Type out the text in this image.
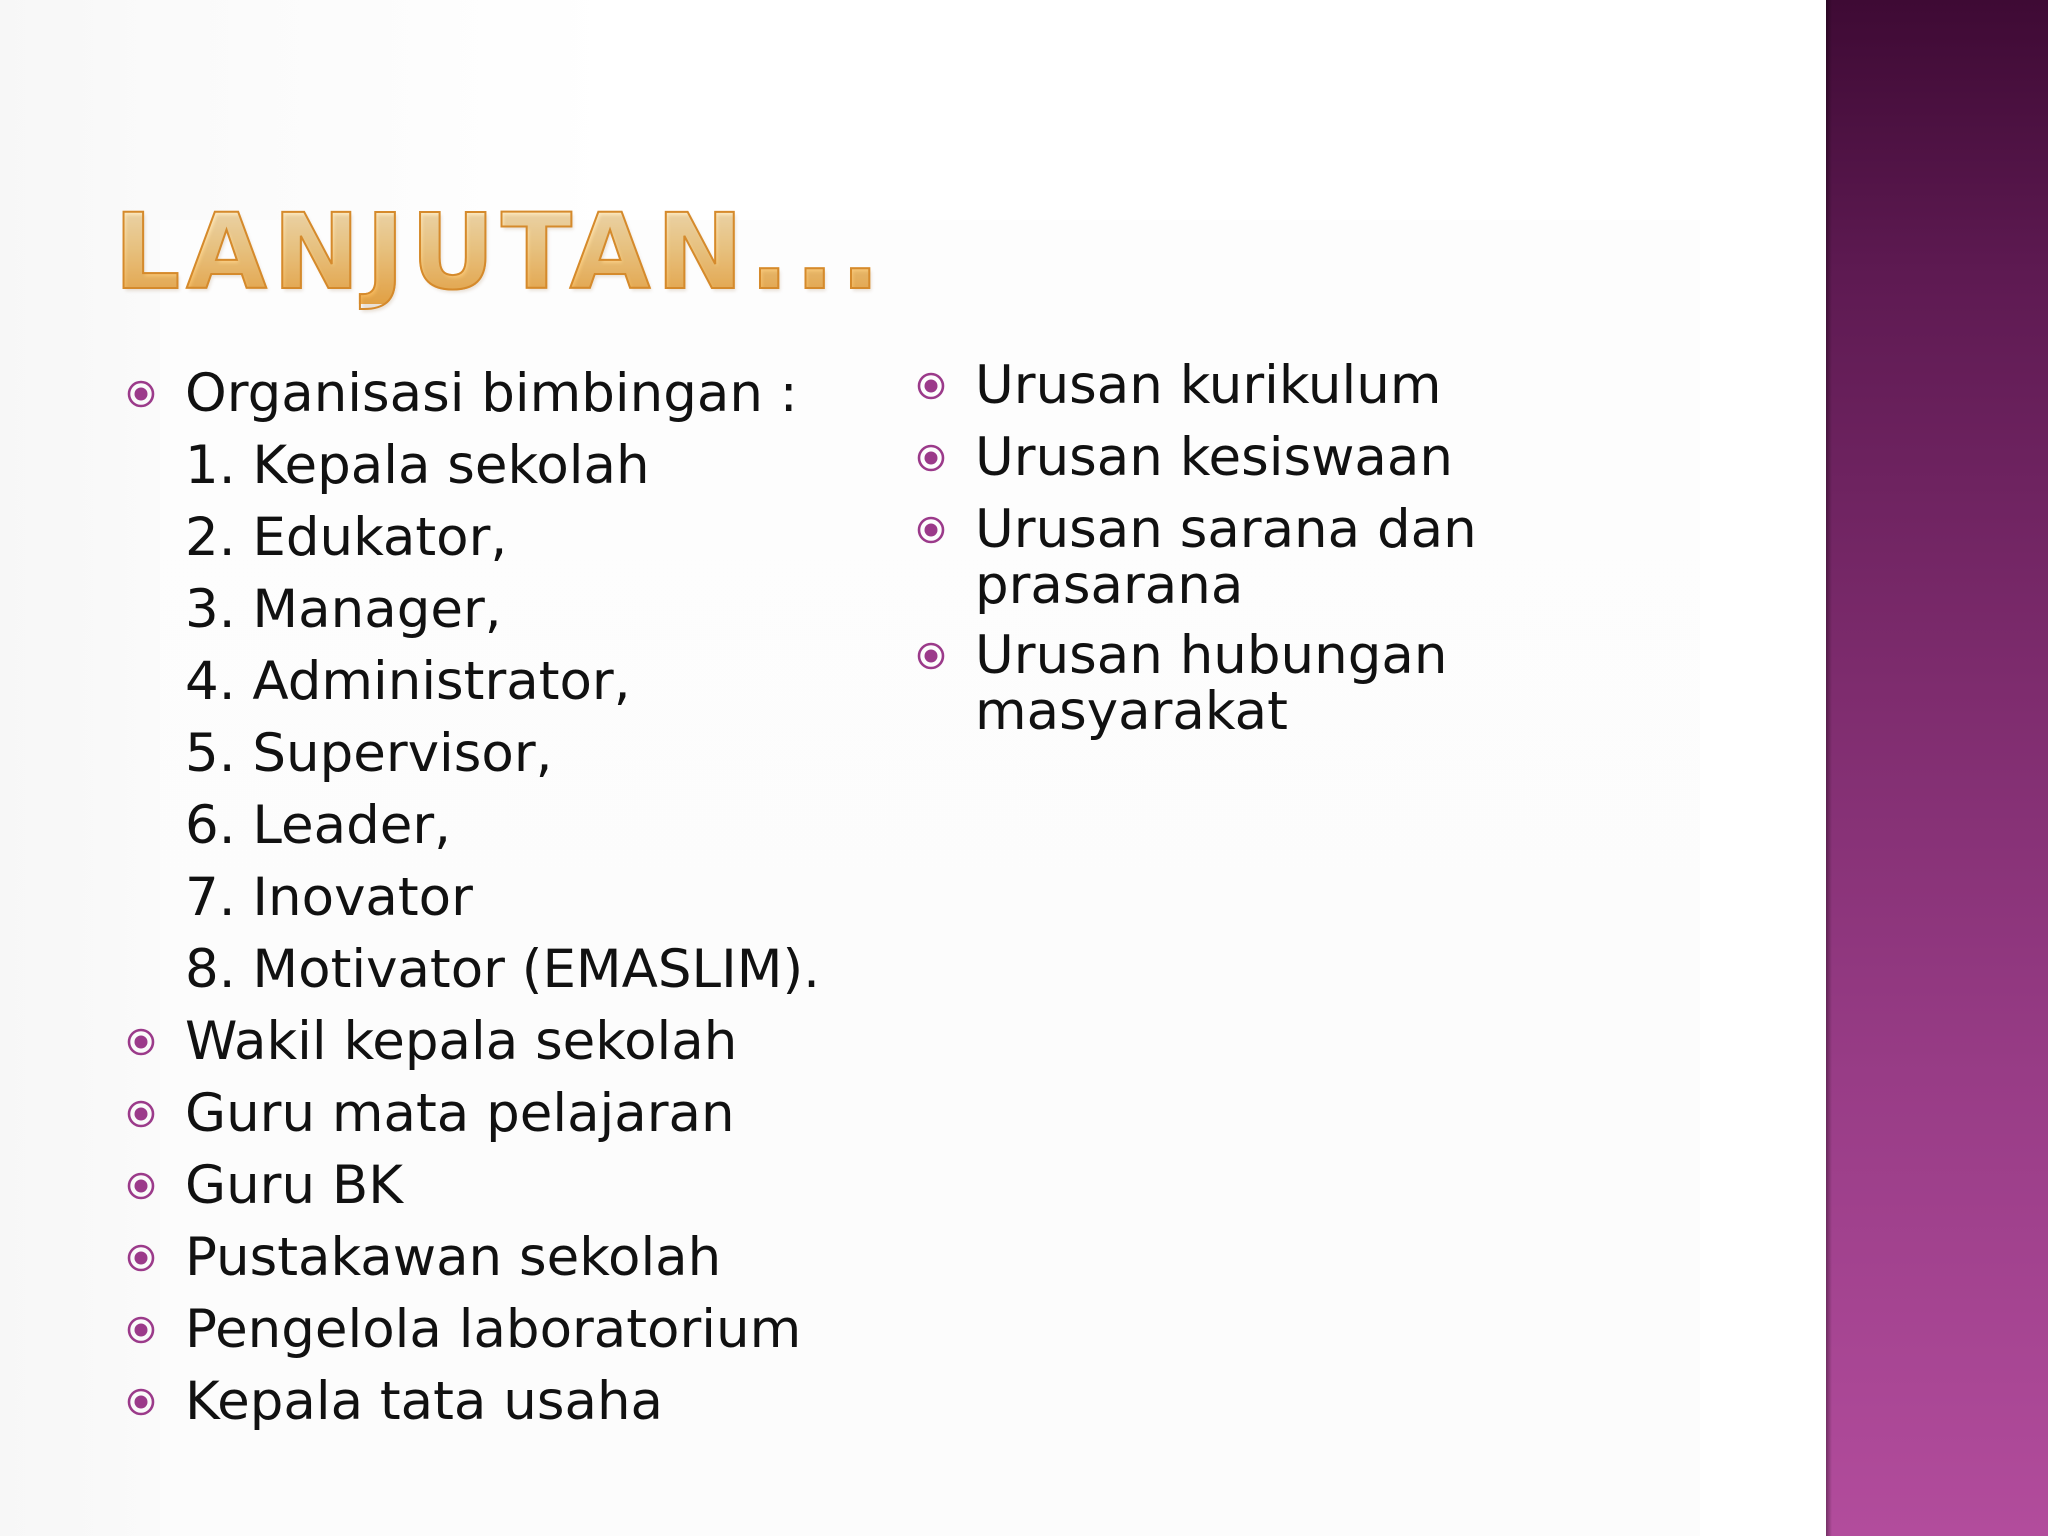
LANJUTAN...
Organisasi bimbingan :
1. Kepala sekolah
2. Edukator,
3. Manager,
4. Administrator,
5. Supervisor,
6. Leader,
7. Inovator
8. Motivator (EMASLIM).
Wakil kepala sekolah
Guru mata pelajaran
Guru BK
Pustakawan sekolah
Pengelola laboratorium
Kepala tata usaha
Urusan kurikulum
Urusan kesiswaan
Urusan sarana dan prasarana
Urusan hubungan masyarakat
